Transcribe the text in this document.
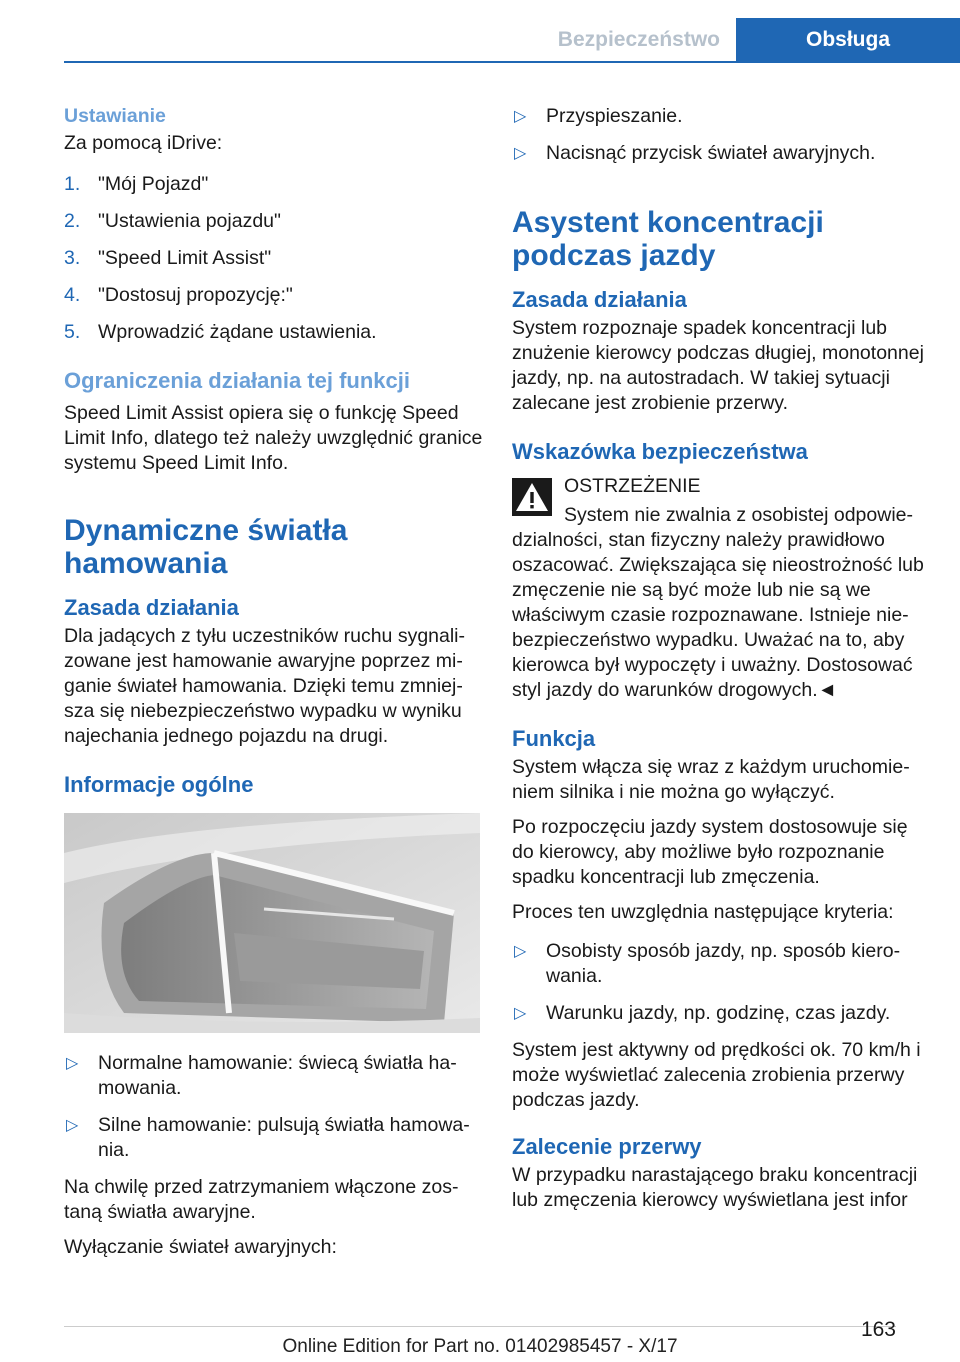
Bezpieczeństwo	Obsługa
Ustawianie

Za pomocą iDrive:

1. "Mój Pojazd"
2. "Ustawienia pojazdu"
3. "Speed Limit Assist"
4. "Dostosuj propozycję:"
5. Wprowadzić żądane ustawienia.
Ograniczenia działania tej funkcji

Speed Limit Assist opiera się o funkcję Speed Limit Info, dlatego też należy uwzględnić granice systemu Speed Limit Info.

Dynamiczne światła hamowania
Zasada działania

Dla jadących z tyłu uczestników ruchu sygnalizowane jest hamowanie awaryjne poprzez miganie świateł hamowania. Dzięki temu zmniejsza się niebezpieczeństwo wypadku w wyniku najechania jednego pojazdu na drugi.

Informacje ogólne
▷ Normalne hamowanie: świecą światła hamowania.
▷ Silne hamowanie: pulsują światła hamowania.

Na chwilę przed zatrzymaniem włączone zostaną światła awaryjne.

Wyłączanie świateł awaryjnych:

▷ Przyspieszanie.
▷ Nacisnąć przycisk świateł awaryjnych.
Asystent koncentracji podczas jazdy
Zasada działania

System rozpoznaje spadek koncentracji lub znużenie kierowcy podczas długiej, monotonnej jazdy, np. na autostradach. W takiej sytuacji zalecane jest zrobienie przerwy.

Wskazówka bezpieczeństwa

OSTRZEŻENIE

System nie zwalnia z osobistej odpowiedzialności, stan fizyczny należy prawidłowo oszacować. Zwiększająca się nieostrożność lub zmęczenie nie są być może lub nie są we właściwym czasie rozpoznawane. Istnieje niebezpieczeństwo wypadku. Uważać na to, aby kierowca był wypoczęty i uważny. Dostosować styl jazdy do warunków drogowych.◄

Funkcja

System włącza się wraz z każdym uruchomieniem silnika i nie można go wyłączyć.

Po rozpoczęciu jazdy system dostosowuje się do kierowcy, aby możliwe było rozpoznanie spadku koncentracji lub zmęczenia.

Proces ten uwzględnia następujące kryteria:

▷ Osobisty sposób jazdy, np. sposób kierowania.
▷ Warunku jazdy, np. godzinę, czas jazdy.

System jest aktywny od prędkości ok. 70 km/h i może wyświetlać zalecenia zrobienia przerwy podczas jazdy.

Zalecenie przerwy

W przypadku narastającego braku koncentracji lub zmęczenia kierowcy wyświetlana jest infor

163
Online Edition for Part no. 01402985457 - X/17
